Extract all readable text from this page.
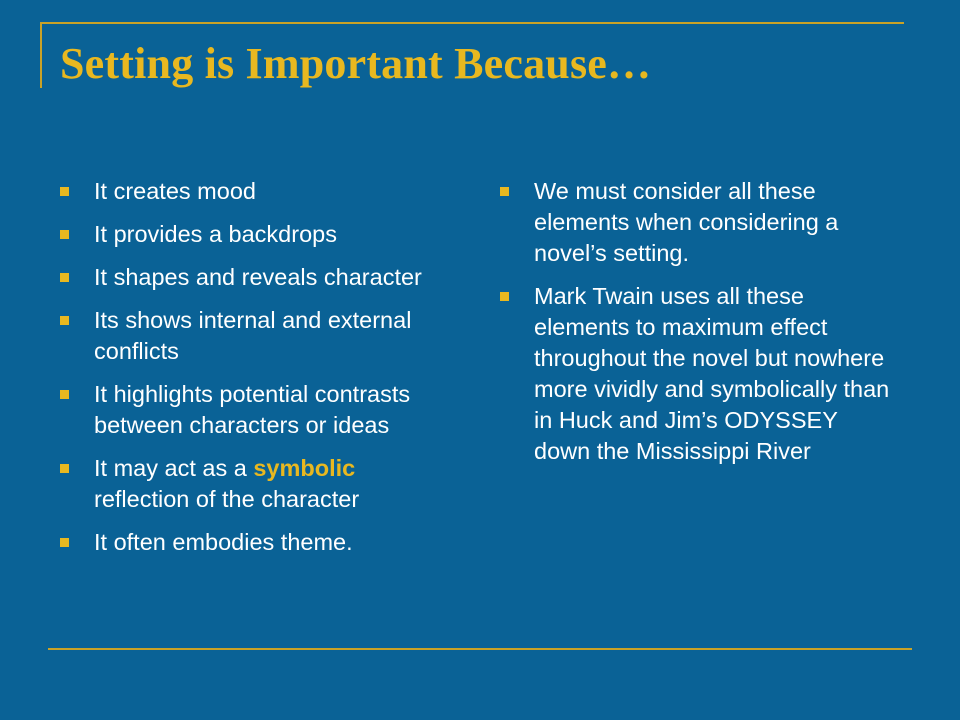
Setting is Important Because…
It creates mood
It provides a backdrops
It shapes and reveals character
Its shows internal and external conflicts
It highlights potential contrasts between characters or ideas
It may act as a symbolic reflection of the character
It often embodies theme.
We must consider all these elements when considering a novel’s setting.
Mark Twain uses all these elements to maximum effect throughout the novel but nowhere more vividly and symbolically than in Huck and Jim’s ODYSSEY down the Mississippi River
